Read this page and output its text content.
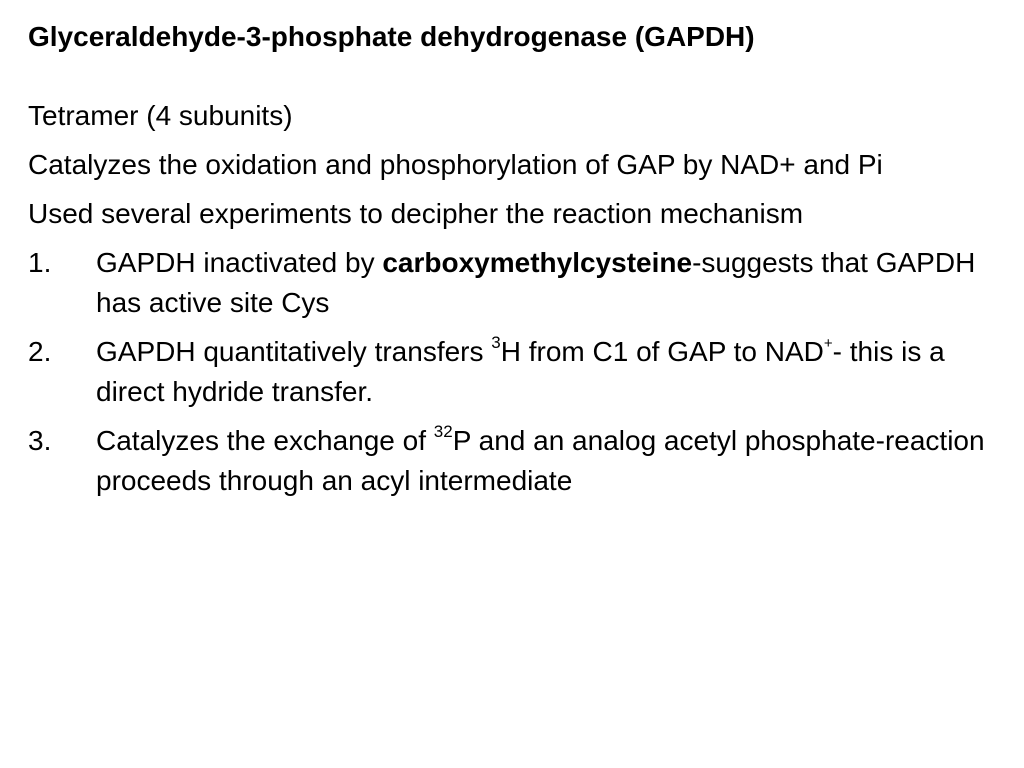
Glyceraldehyde-3-phosphate dehydrogenase (GAPDH)

Tetramer (4 subunits)

Catalyzes the oxidation and phosphorylation of GAP by NAD+ and Pi

Used several experiments to decipher the reaction mechanism

1.	GAPDH inactivated by carboxymethylcysteine-suggests that GAPDH has active site Cys
2.	GAPDH quantitatively transfers $^3$H from C1 of GAP to NAD+- this is a direct hydride transfer.
3.	Catalyzes the exchange of $^{32}$P and an analog acetyl phosphate-reaction proceeds through an acyl intermediate
